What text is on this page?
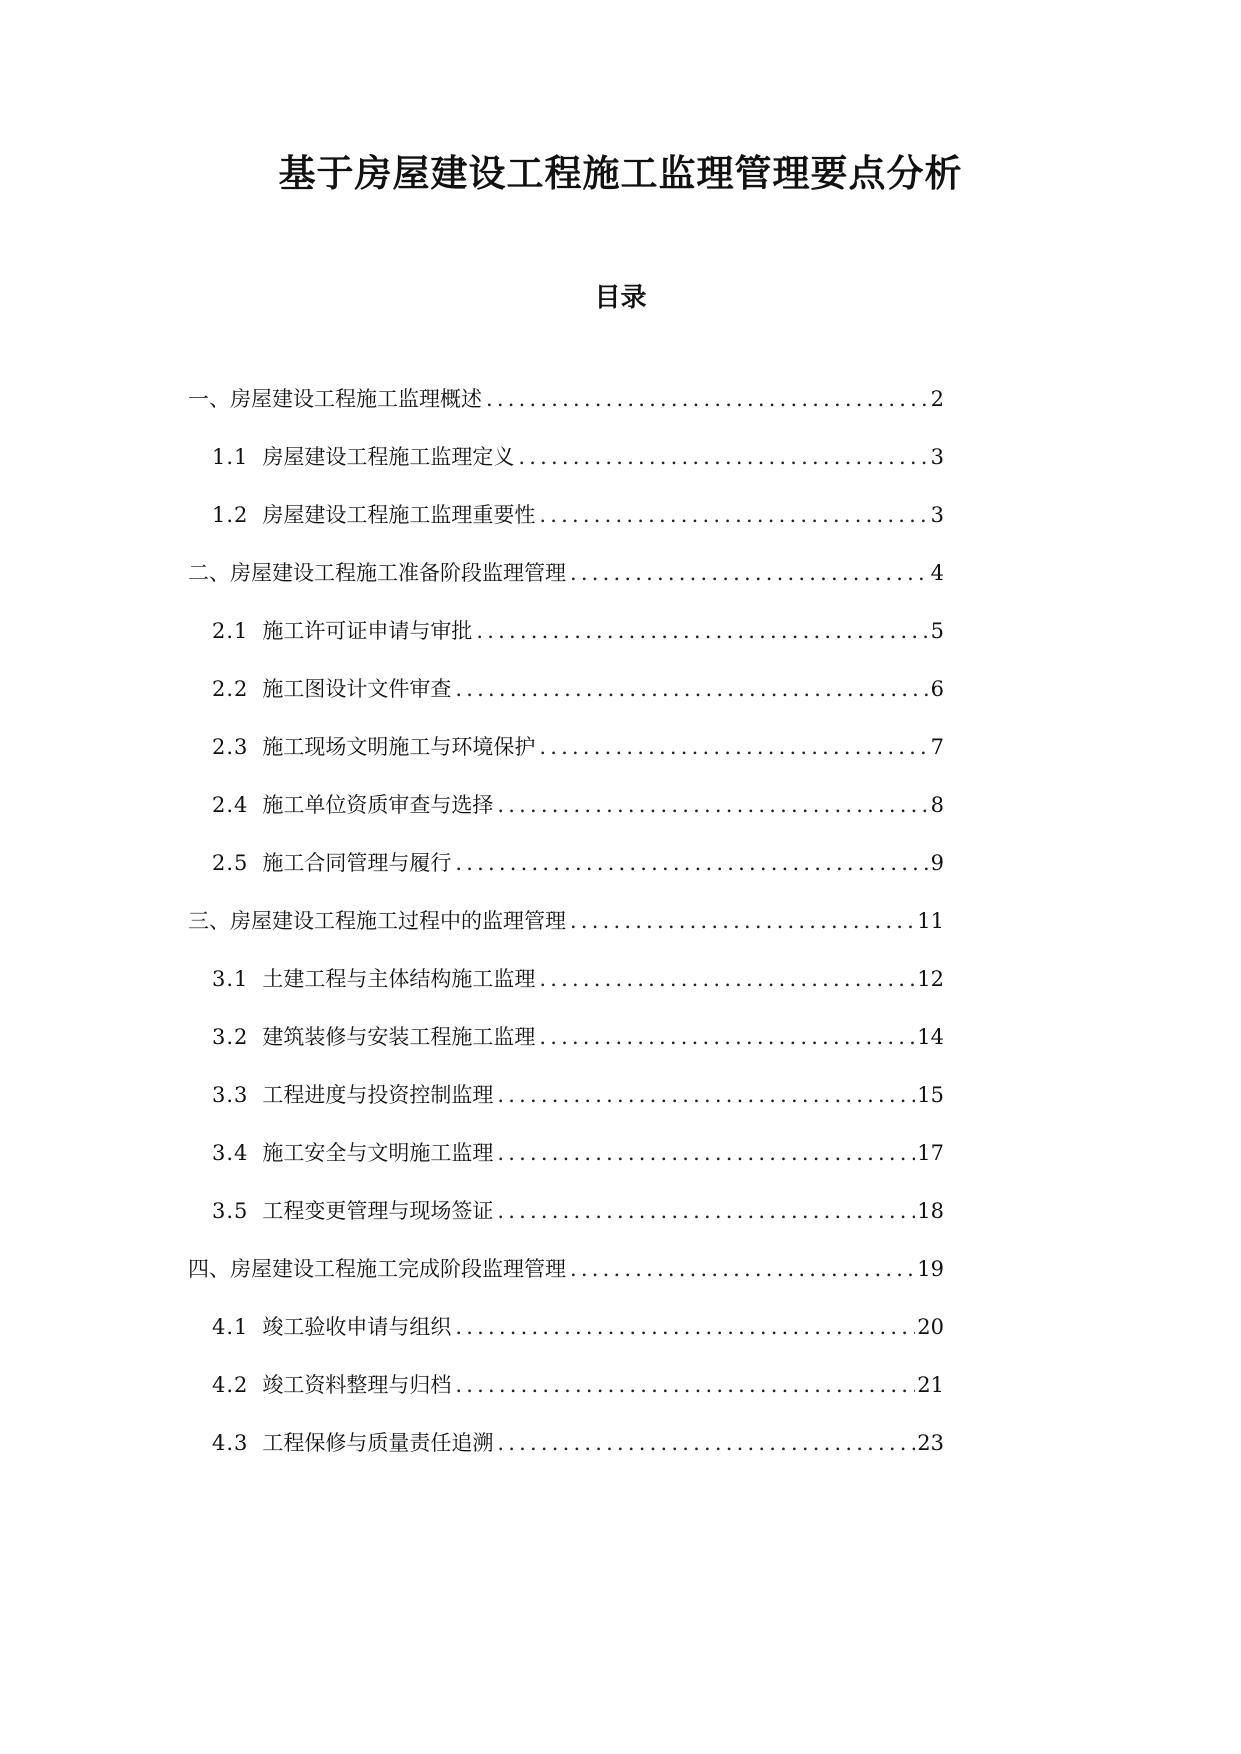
基于房屋建设工程施工监理管理要点分析
目录
一、房屋建设工程施工监理概述 .....	2
1.1 房屋建设工程施工监理定义 .....	3
1.2 房屋建设工程施工监理重要性 .....	3
二、房屋建设工程施工准备阶段监理管理 .....	4
2.1 施工许可证申请与审批 .....	5
2.2 施工图设计文件审查 .....	6
2.3 施工现场文明施工与环境保护 .....	7
2.4 施工单位资质审查与选择 .....	8
2.5 施工合同管理与履行 .....	9
三、房屋建设工程施工过程中的监理管理 .....	11
3.1 土建工程与主体结构施工监理 .....	12
3.2 建筑装修与安装工程施工监理 .....	14
3.3 工程进度与投资控制监理 .....	15
3.4 施工安全与文明施工监理 .....	17
3.5 工程变更管理与现场签证 .....	18
四、房屋建设工程施工完成阶段监理管理 .....	19
4.1 竣工验收申请与组织 .....	20
4.2 竣工资料整理与归档 .....	21
4.3 工程保修与质量责任追溯 .....	23
